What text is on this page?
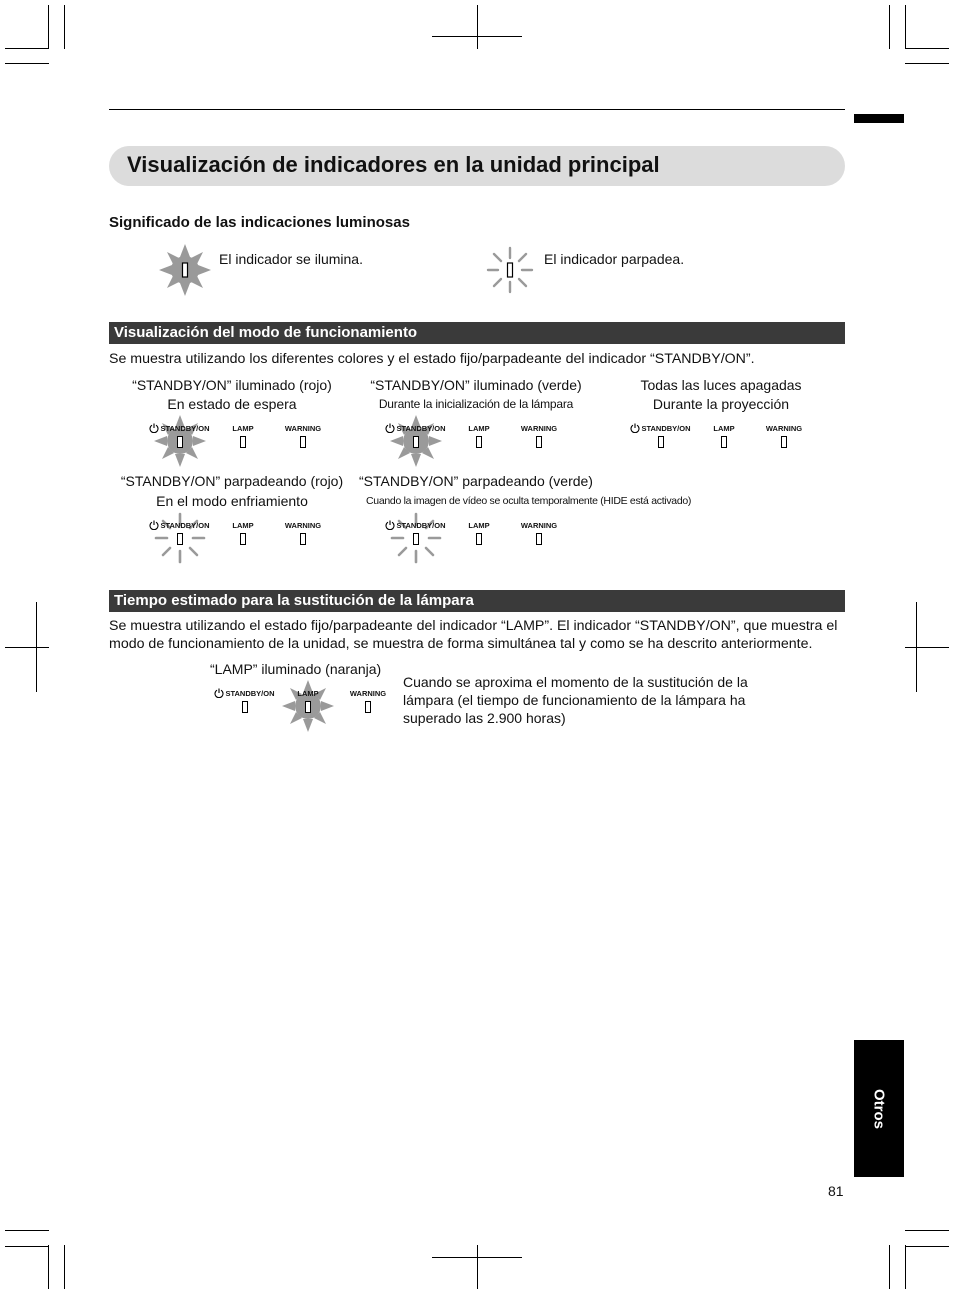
Visualización de indicadores en la unidad principal
Significado de las indicaciones luminosas
El indicador se ilumina.	El indicador parpadea.
Visualización del modo de funcionamiento
Se muestra utilizando los diferentes colores y el estado fijo/parpadeante del indicador “STANDBY/ON”.
“STANDBY/ON” iluminado (rojo)
En estado de espera
“STANDBY/ON” iluminado (verde)
Durante la inicialización de la lámpara
Todas las luces apagadas
Durante la proyección
“STANDBY/ON” parpadeando (rojo)
En el modo enfriamiento
“STANDBY/ON” parpadeando (verde)
Cuando la imagen de vídeo se oculta temporalmente (HIDE está activado)
STANDBY/ON	LAMP	WARNING	STANDBY/ON	LAMP	WARNING	STANDBY/ON	LAMP	WARNING
STANDBY/ON	LAMP	WARNING	STANDBY/ON	LAMP	WARNING
Tiempo estimado para la sustitución de la lámpara
Se muestra utilizando el estado fijo/parpadeante del indicador “LAMP”. El indicador “STANDBY/ON”, que muestra el modo de funcionamiento de la unidad, se muestra de forma simultánea tal y como se ha descrito anteriormente.
“LAMP” iluminado (naranja)
STANDBY/ON	LAMP	WARNING
Cuando se aproxima el momento de la sustitución de la lámpara (el tiempo de funcionamiento de la lámpara ha superado las 2.900 horas)
Otros
81
